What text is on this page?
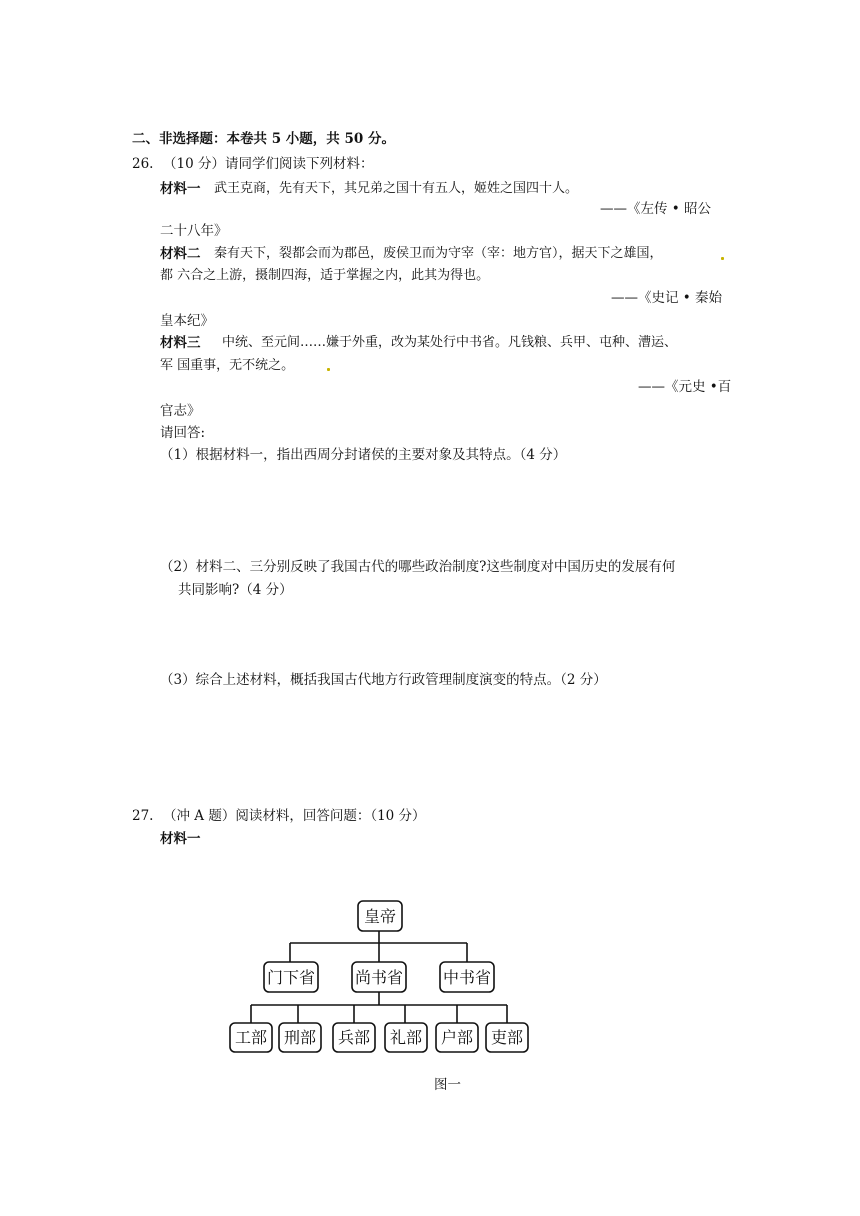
二、非选择题：本卷共 5 小题，共 50 分。
26. （10 分）请同学们阅读下列材料：
材料一 武王克商，先有天下，其兄弟之国十有五人，姬姓之国四十人。
——《左传 • 昭公
二十八年》
材料二 秦有天下，裂都会而为郡邑，废侯卫而为守宰（宰：地方官），据天下之雄国，
都 六合之上游，摄制四海，适于掌握之内，此其为得也。
——《史记 • 秦始
皇本纪》
材料三 中统、至元间……嫌于外重，改为某处行中书省。凡钱粮、兵甲、屯种、漕运、
军 国重事，无不统之。
——《元史 •百
官志》
请回答:
（1）根据材料一，指出西周分封诸侯的主要对象及其特点。（4 分）
（2）材料二、三分别反映了我国古代的哪些政治制度?这些制度对中国历史的发展有何
共同影响?（4 分）
（3）综合上述材料，概括我国古代地方行政管理制度演变的特点。（2 分）
27. （冲 A 题）阅读材料，回答问题：（10 分）
材料一
皇帝
门下省 尚书省 中书省
工部 刑部 兵部 礼部 户部 吏部
图一
